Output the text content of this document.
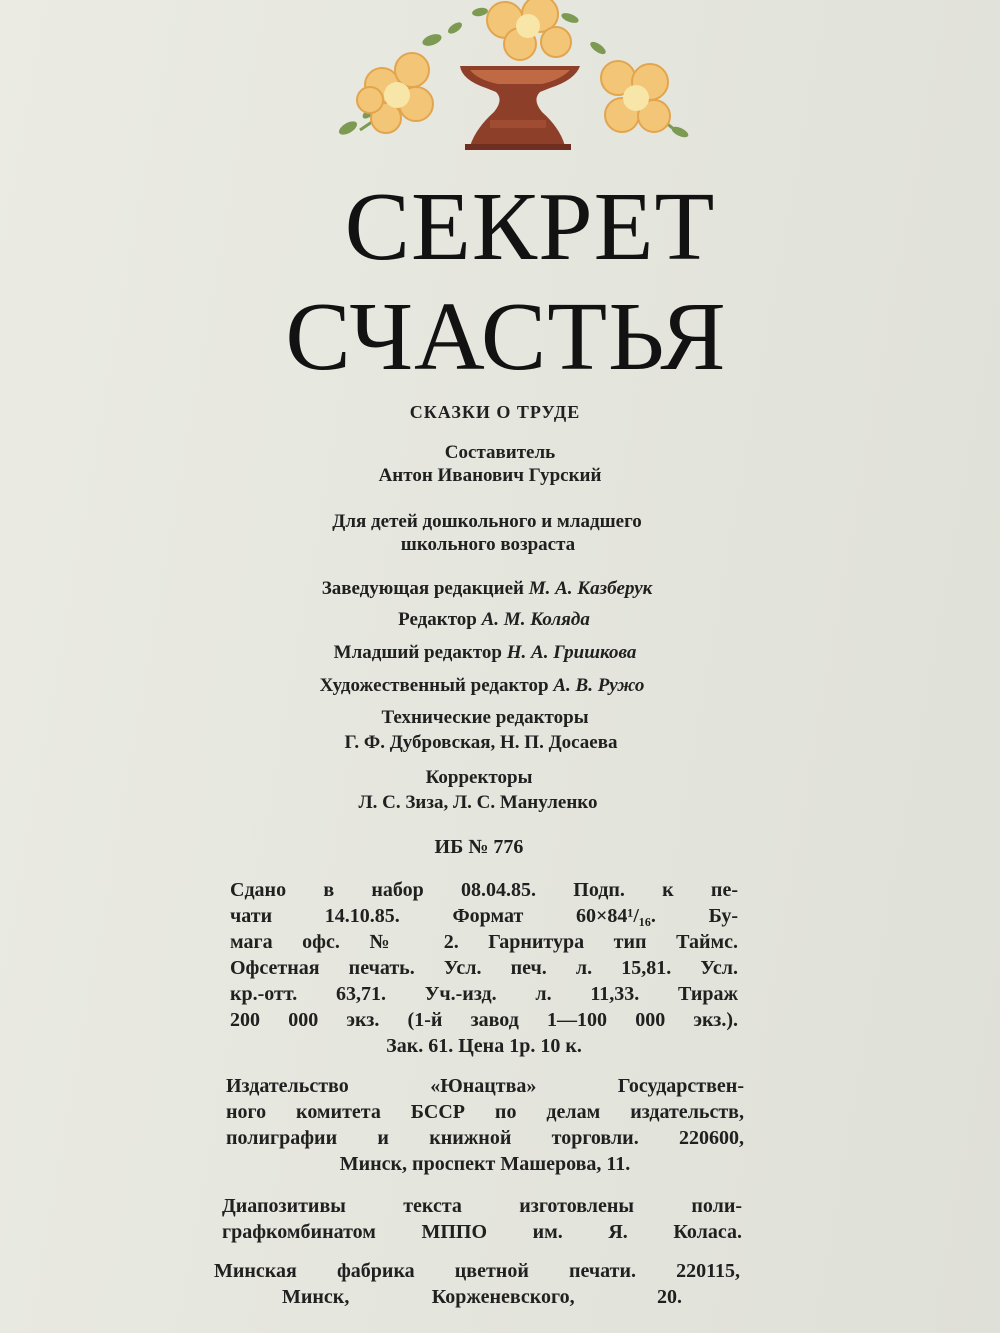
СЕКРЕТ
СЧАСТЬЯ
СКАЗКИ О ТРУДЕ
Составитель
Антон Иванович Гурский
Для детей дошкольного и младшего
школьного возраста
Заведующая редакцией М. А. Казберук
Редактор А. М. Коляда
Младший редактор Н. А. Гришкова
Художественный редактор А. В. Ружо
Технические редакторы
Г. Ф. Дубровская, Н. П. Досаева
Корректоры
Л. С. Зиза, Л. С. Мануленко
ИБ № 776
Сдано в набор 08.04.85. Подп. к пе-
чати 14.10.85. Формат 60×84¹/₁₆. Бу-
мага офс. № 2. Гарнитура тип Таймс.
Офсетная печать. Усл. печ. л. 15,81. Усл.
кр.-отт. 63,71. Уч.-изд. л. 11,33. Тираж
200 000 экз. (1-й завод 1—100 000 экз.).
Зак. 61. Цена 1р. 10 к.
Издательство «Юнацтва» Государствен-
ного комитета БССР по делам издательств,
полиграфии и книжной торговли. 220600,
Минск, проспект Машерова, 11.
Диапозитивы текста изготовлены поли-
графкомбинатом МППО им. Я. Коласа.
Минская фабрика цветной печати. 220115,
Минск, Корженевского, 20.
